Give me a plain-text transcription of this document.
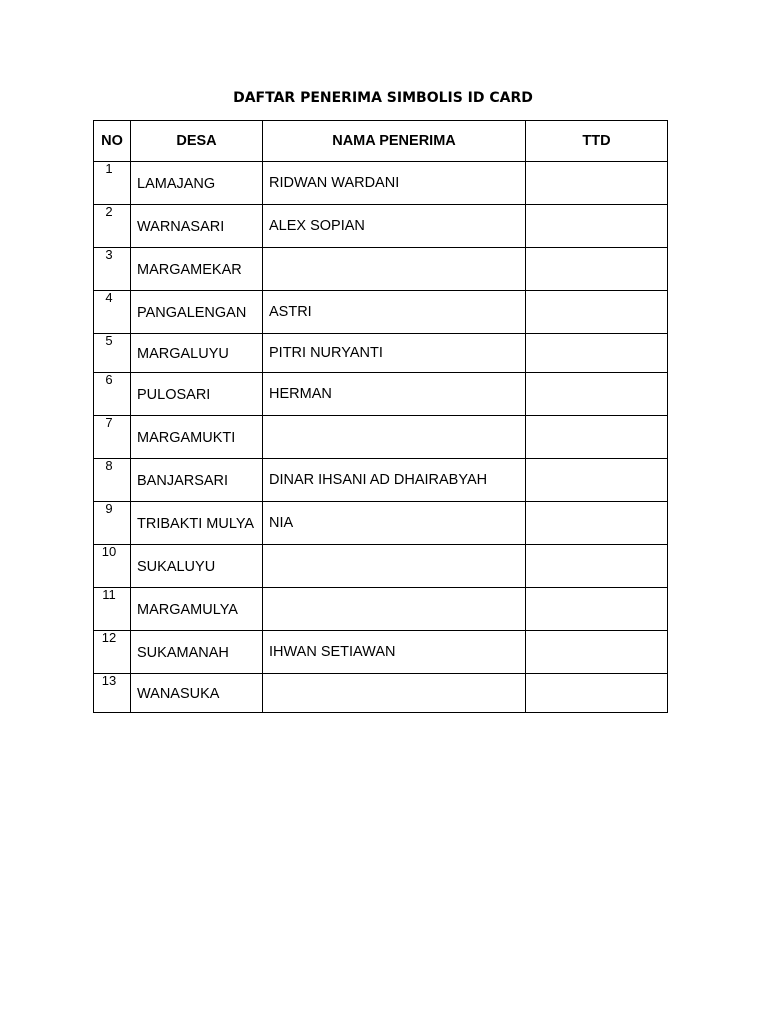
DAFTAR PENERIMA SIMBOLIS ID CARD
NO	DESA	NAMA PENERIMA	TTD
1	LAMAJANG	RIDWAN WARDANI	
2	WARNASARI	ALEX SOPIAN	
3	MARGAMEKAR		
4	PANGALENGAN	ASTRI	
5	MARGALUYU	PITRI NURYANTI	
6	PULOSARI	HERMAN	
7	MARGAMUKTI		
8	BANJARSARI	DINAR IHSANI AD DHAIRABYAH	
9	TRIBAKTI MULYA	NIA	
10	SUKALUYU		
11	MARGAMULYA		
12	SUKAMANAH	IHWAN SETIAWAN	
13	WANASUKA		
